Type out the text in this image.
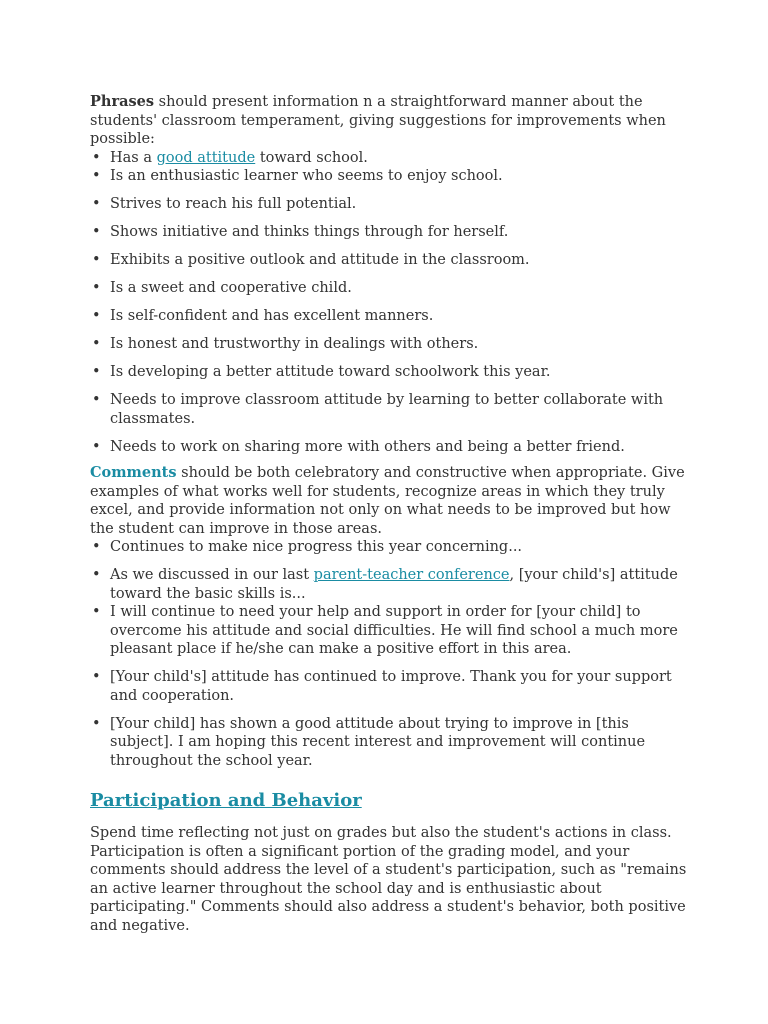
Phrases should present information n a straightforward manner about the students' classroom temperament, giving suggestions for improvements when possible:

• Has a good attitude toward school.
• Is an enthusiastic learner who seems to enjoy school.
• Strives to reach his full potential.
• Shows initiative and thinks things through for herself.
• Exhibits a positive outlook and attitude in the classroom.
• Is a sweet and cooperative child.
• Is self-confident and has excellent manners.
• Is honest and trustworthy in dealings with others.
• Is developing a better attitude toward schoolwork this year.
• Needs to improve classroom attitude by learning to better collaborate with classmates.
• Needs to work on sharing more with others and being a better friend.

Comments should be both celebratory and constructive when appropriate. Give examples of what works well for students, recognize areas in which they truly excel, and provide information not only on what needs to be improved but how the student can improve in those areas.

• Continues to make nice progress this year concerning...
• As we discussed in our last parent-teacher conference, [your child's] attitude toward the basic skills is...
• I will continue to need your help and support in order for [your child] to overcome his attitude and social difficulties. He will find school a much more pleasant place if he/she can make a positive effort in this area.
• [Your child's] attitude has continued to improve. Thank you for your support and cooperation.
• [Your child] has shown a good attitude about trying to improve in [this subject]. I am hoping this recent interest and improvement will continue throughout the school year.
Participation and Behavior

Spend time reflecting not just on grades but also the student's actions in class. Participation is often a significant portion of the grading model, and your comments should address the level of a student's participation, such as "remains an active learner throughout the school day and is enthusiastic about participating." Comments should also address a student's behavior, both positive and negative.
